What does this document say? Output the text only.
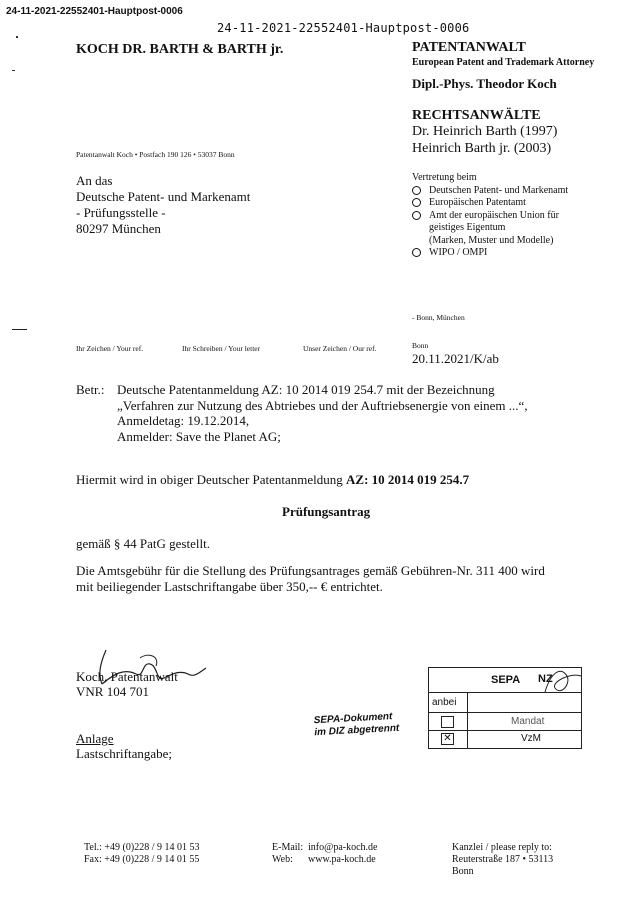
24-11-2021-22552401-Hauptpost-0006
24-11-2021-22552401-Hauptpost-0006
KOCH DR. BARTH & BARTH jr.	PATENTANWALT
European Patent and Trademark Attorney
Dipl.-Phys. Theodor Koch
RECHTSANWÄLTE
Dr. Heinrich Barth (1997)
Heinrich Barth jr. (2003)
Patentanwalt Koch • Postfach 190 126 • 53037 Bonn
An das
Deutsche Patent- und Markenamt
- Prüfungsstelle -
80297 München
Vertretung beim
Deutschen Patent- und Markenamt
Europäischen Patentamt
Amt der europäischen Union für
geistiges Eigentum
(Marken, Muster und Modelle)
WIPO / OMPI
- Bonn, München
Ihr Zeichen / Your ref.	Ihr Schreiben / Your letter	Unser Zeichen / Our ref.	Bonn
20.11.2021/K/ab
Betr.: Deutsche Patentanmeldung AZ: 10 2014 019 254.7 mit der Bezeichnung
„Verfahren zur Nutzung des Abtriebes und der Auftriebsenergie von einem ...“,
Anmeldetag: 19.12.2014,
Anmelder: Save the Planet AG;
Hiermit wird in obiger Deutscher Patentanmeldung AZ: 10 2014 019 254.7
Prüfungsantrag
gemäß § 44 PatG gestellt.
Die Amtsgebühr für die Stellung des Prüfungsantrages gemäß Gebühren-Nr. 311 400 wird
mit beiliegender Lastschriftangabe über 350,-- € entrichtet.
Koch, Patentanwalt
VNR 104 701
Anlage
Lastschriftangabe;
SEPA-Dokument
im DIZ abgetrennt
SEPA NZ
anbei
Mandat
✕	VzM
Tel.: +49 (0)228 / 9 14 01 53
Fax: +49 (0)228 / 9 14 01 55
E-Mail: info@pa-koch.de
Web: www.pa-koch.de
Kanzlei / please reply to:
Reuterstraße 187 • 53113
Bonn
